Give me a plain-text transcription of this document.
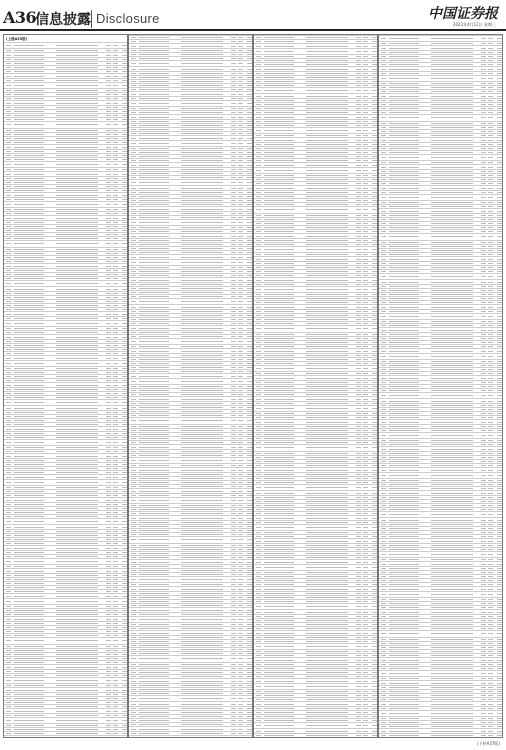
A36
信息披露 Disclosure	中国证券报
2023年4月12日 星期三
(上接A35版)
(下转A37版)
